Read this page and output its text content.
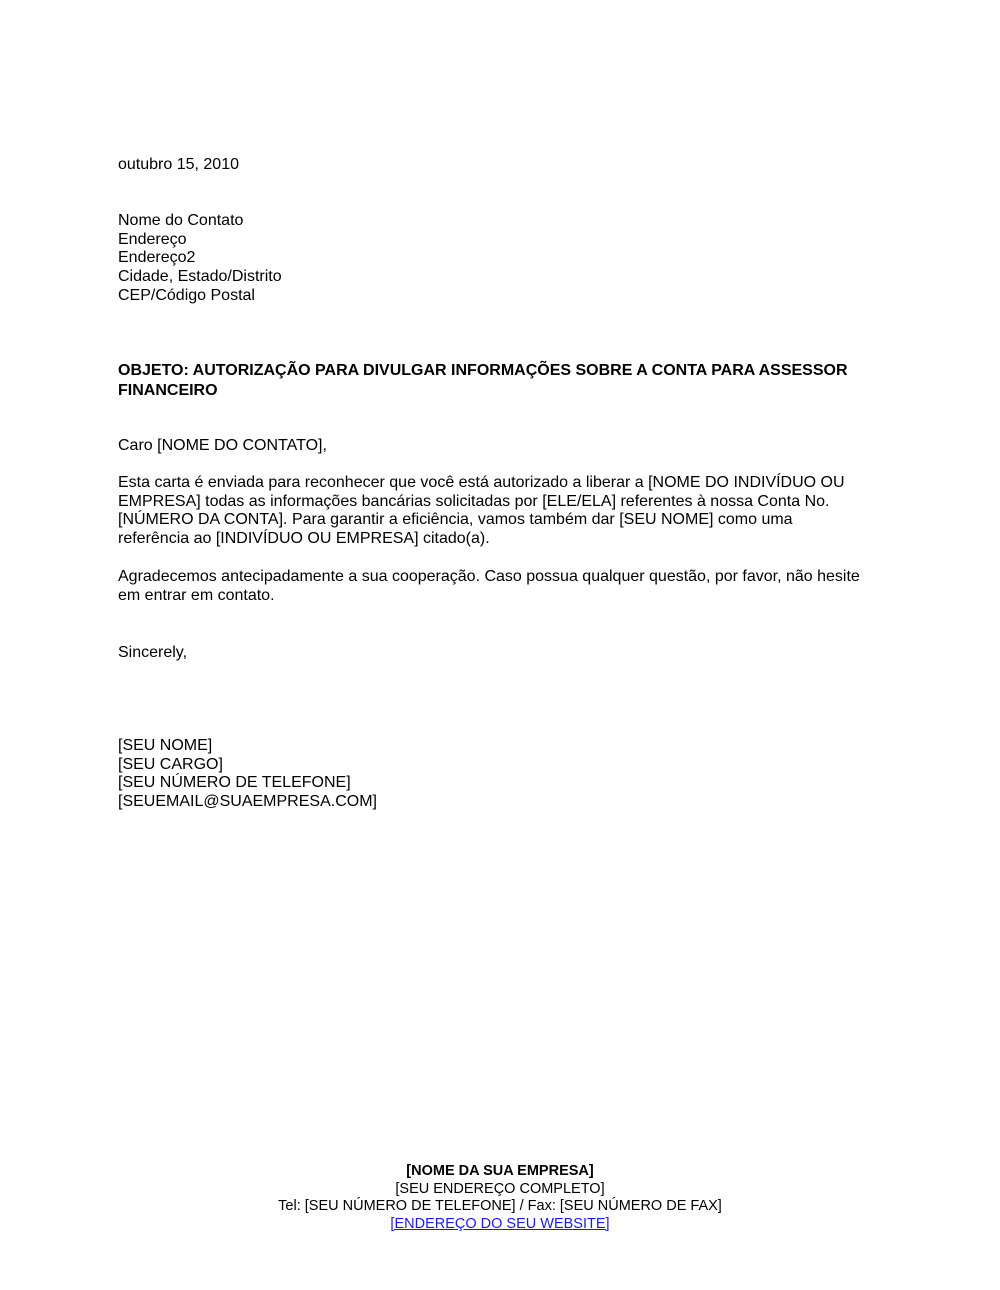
outubro 15, 2010
Nome do Contato
Endereço
Endereço2
Cidade, Estado/Distrito
CEP/Código Postal
OBJETO: AUTORIZAÇÃO PARA DIVULGAR INFORMAÇÕES SOBRE A CONTA PARA ASSESSOR
FINANCEIRO
Caro [NOME DO CONTATO],
Esta carta é enviada para reconhecer que você está autorizado a liberar a [NOME DO INDIVÍDUO OU
EMPRESA] todas as informações bancárias solicitadas por [ELE/ELA] referentes à nossa Conta No.
[NÚMERO DA CONTA]. Para garantir a eficiência, vamos também dar [SEU NOME] como uma
referência ao [INDIVÍDUO OU EMPRESA] citado(a).
Agradecemos antecipadamente a sua cooperação. Caso possua qualquer questão, por favor, não hesite
em entrar em contato.
Sincerely,
[SEU NOME]
[SEU CARGO]
[SEU NÚMERO DE TELEFONE]
[SEUEMAIL@SUAEMPRESA.COM]
[NOME DA SUA EMPRESA]
[SEU ENDEREÇO COMPLETO]
Tel: [SEU NÚMERO DE TELEFONE] / Fax: [SEU NÚMERO DE FAX]
[ENDEREÇO DO SEU WEBSITE]
